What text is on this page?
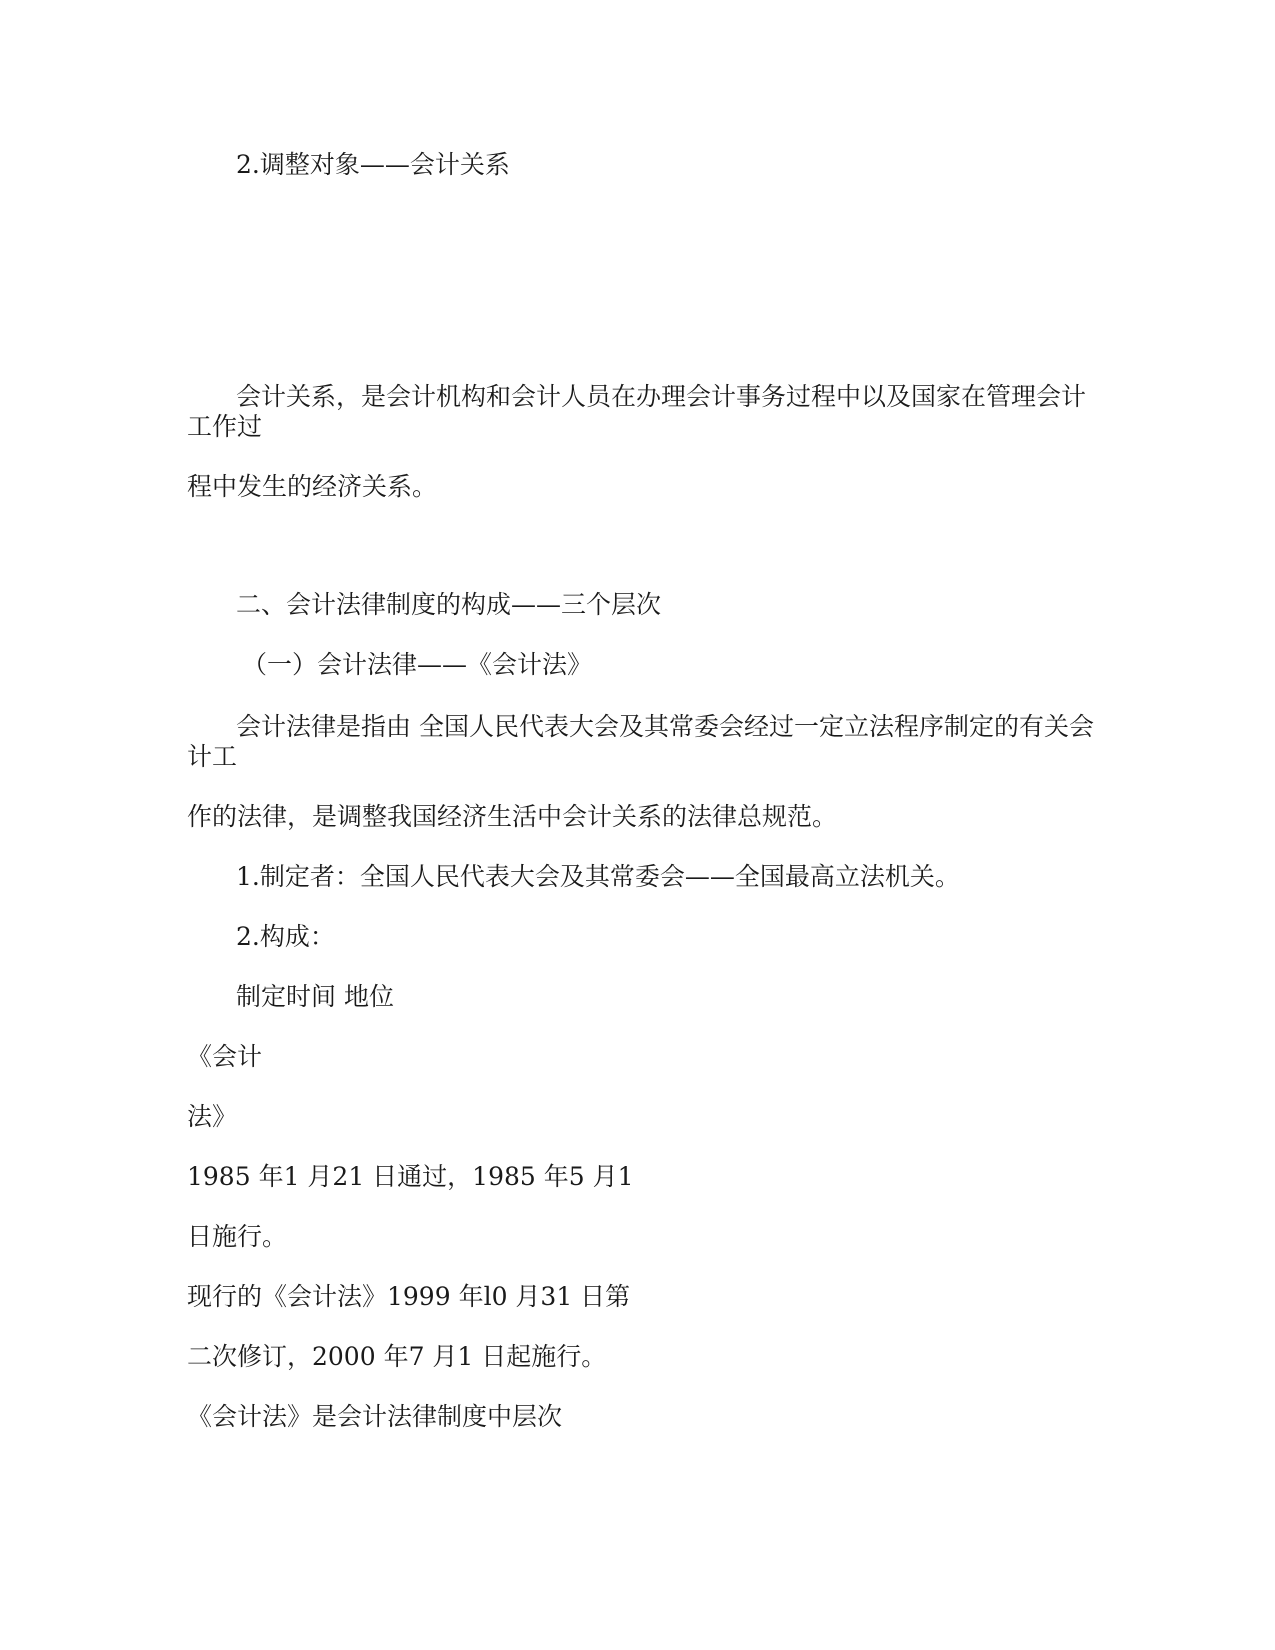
2.调整对象——会计关系
会计关系，是会计机构和会计人员在办理会计事务过程中以及国家在管理会计
工作过
程中发生的经济关系。
二、会计法律制度的构成——三个层次
（一）会计法律——《会计法》
会计法律是指由 全国人民代表大会及其常委会经过一定立法程序制定的有关会
计工
作的法律，是调整我国经济生活中会计关系的法律总规范。
1.制定者：全国人民代表大会及其常委会——全国最高立法机关。
2.构成：
制定时间 地位
《会计
法》
1985 年1 月21 日通过，1985 年5 月1
日施行。
现行的《会计法》1999 年l0 月31 日第
二次修订，2000 年7 月1 日起施行。
《会计法》是会计法律制度中层次
